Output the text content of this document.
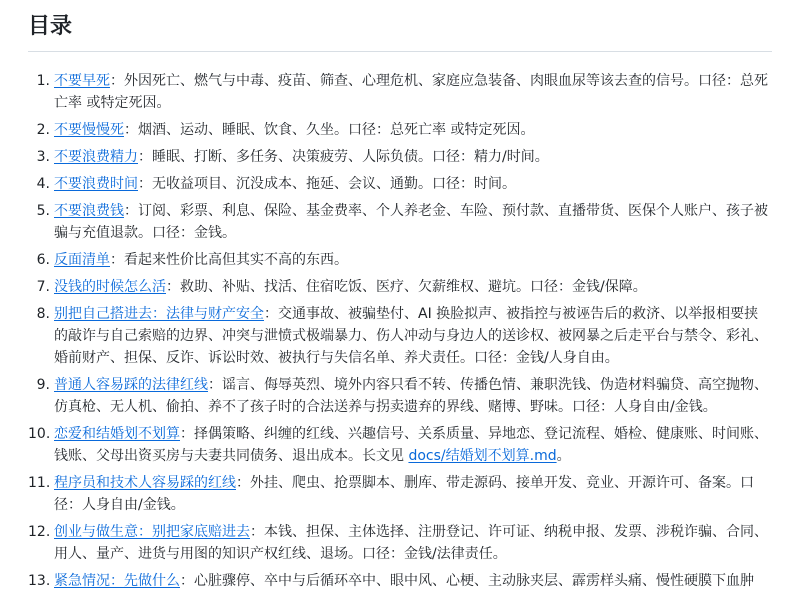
目录
不要早死：外因死亡、燃气与中毒、疫苗、筛查、心理危机、家庭应急装备、肉眼血尿等该去查的信号。口径：总死亡率 或特定死因。
不要慢慢死：烟酒、运动、睡眠、饮食、久坐。口径：总死亡率 或特定死因。
不要浪费精力：睡眠、打断、多任务、决策疲劳、人际负债。口径：精力/时间。
不要浪费时间：无收益项目、沉没成本、拖延、会议、通勤。口径：时间。
不要浪费钱：订阅、彩票、利息、保险、基金费率、个人养老金、车险、预付款、直播带货、医保个人账户、孩子被骗与充值退款。口径：金钱。
反面清单：看起来性价比高但其实不高的东西。
没钱的时候怎么活：救助、补贴、找活、住宿吃饭、医疗、欠薪维权、避坑。口径：金钱/保障。
别把自己搭进去：法律与财产安全：交通事故、被骗垫付、AI 换脸拟声、被指控与被诬告后的救济、以举报相要挟的敲诈与自己索赔的边界、冲突与泄愤式极端暴力、伤人冲动与身边人的送诊权、被网暴之后走平台与禁令、彩礼、婚前财产、担保、反诈、诉讼时效、被执行与失信名单、养犬责任。口径：金钱/人身自由。
普通人容易踩的法律红线：谣言、侮辱英烈、境外内容只看不转、传播色情、兼职洗钱、伪造材料骗贷、高空抛物、仿真枪、无人机、偷拍、养不了孩子时的合法送养与拐卖遗弃的界线、赌博、野味。口径：人身自由/金钱。
恋爱和结婚划不划算：择偶策略、纠缠的红线、兴趣信号、关系质量、异地恋、登记流程、婚检、健康账、时间账、钱账、父母出资买房与夫妻共同债务、退出成本。长文见 docs/结婚划不划算.md。
程序员和技术人容易踩的红线：外挂、爬虫、抢票脚本、删库、带走源码、接单开发、竞业、开源许可、备案。口径：人身自由/金钱。
创业与做生意：别把家底赔进去：本钱、担保、主体选择、注册登记、许可证、纳税申报、发票、涉税诈骗、合同、用人、量产、进货与用图的知识产权红线、退场。口径：金钱/法律责任。
紧急情况：先做什么：心脏骤停、卒中与后循环卒中、眼中风、心梗、主动脉夹层、霹雳样头痛、慢性硬膜下血肿
